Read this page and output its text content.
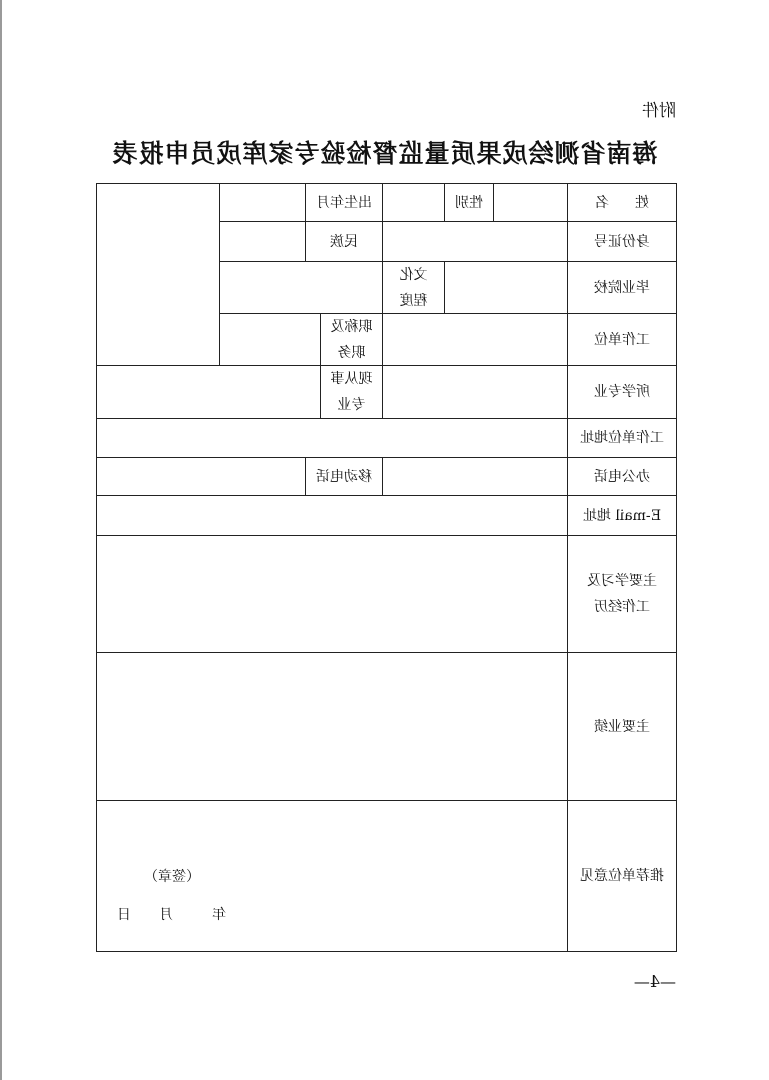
附件
海南省测绘成果质量监督检验专家库成员申报表
姓名
性别
出生年月
身份证号
民族
毕业院校
文化
程度
工作单位
职称及
职务
所学专业
现从事
专业
工作单位地址
办公电话
移动电话
E-mail 地址
主要学习及
工作经历
主要业绩
推荐单位意见
（签章）
年
月
日
—4—
